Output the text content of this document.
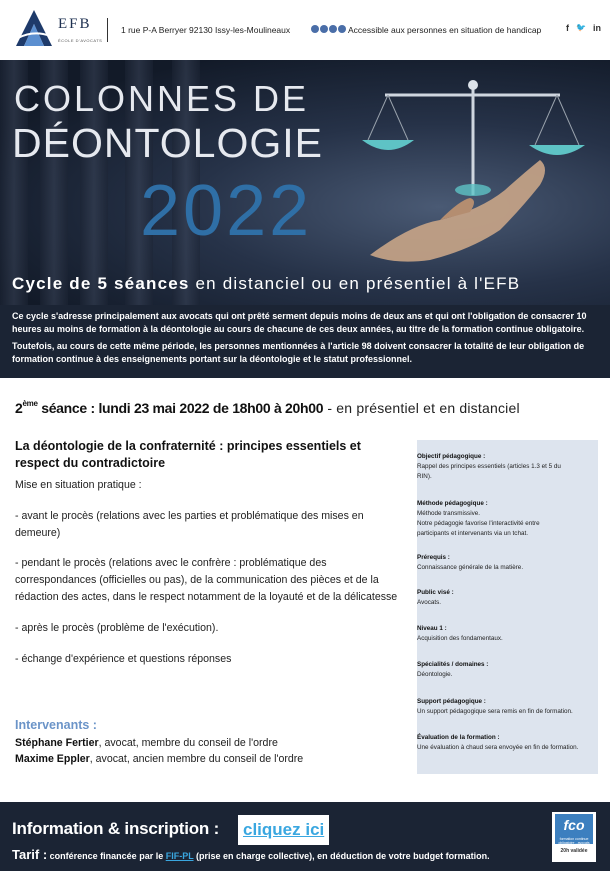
EFB
ÉCOLE D'AVOCATS
1 rue P-A Berryer 92130 Issy-les-Moulineaux	Accessible aux personnes en situation de handicap	f 🐦 in
COLONNES DE
DÉONTOLOGIE
2022
Cycle de 5 séances en distanciel ou en présentiel à l'EFB

Ce cycle s'adresse principalement aux avocats qui ont prêté serment depuis moins de deux ans et qui ont l'obligation de consacrer 10 heures au moins de formation à la déontologie au cours de chacune de ces deux années, au titre de la formation continue obligatoire.

Toutefois, au cours de cette même période, les personnes mentionnées à l'article 98 doivent consacrer la totalité de leur obligation de formation continue à des enseignements portant sur la déontologie et le statut professionnel.

2ème séance : lundi 23 mai 2022 de 18h00 à 20h00 - en présentiel et en distanciel
La déontologie de la confraternité : principes essentiels et respect du contradictoire
Mise en situation pratique :
- avant le procès (relations avec les parties et problématique des mises en demeure)
- pendant le procès (relations avec le confrère : problématique des correspondances (officielles ou pas), de la communication des pièces et de la rédaction des actes, dans le respect notamment de la loyauté et de la délicatesse
- après le procès (problème de l'exécution).
- échange d'expérience et questions réponses
Intervenants :
Stéphane Fertier, avocat, membre du conseil de l'ordre
Maxime Eppler, avocat, ancien membre du conseil de l'ordre
Objectif pédagogique :
Rappel des principes essentiels (articles 1.3 et 5 du
RIN).
Méthode pédagogique :
Méthode transmissive.
Notre pédagogie favorise l'interactivité entre
participants et intervenants via un tchat.
Prérequis :
Connaissance générale de la matière.
Public visé :
Avocats.
Niveau 1 :
Acquisition des fondamentaux.
Spécialités / domaines :
Déontologie.
Support pédagogique :
Un support pédagogique sera remis en fin de formation.
Évaluation de la formation :
Une évaluation à chaud sera envoyée en fin de formation.
Information & inscription : cliquez ici
Tarif : conférence financée par le FIF-PL (prise en charge collective), en déduction de votre budget formation.
fco
formation continue obligatoire - avocats
20h validée
